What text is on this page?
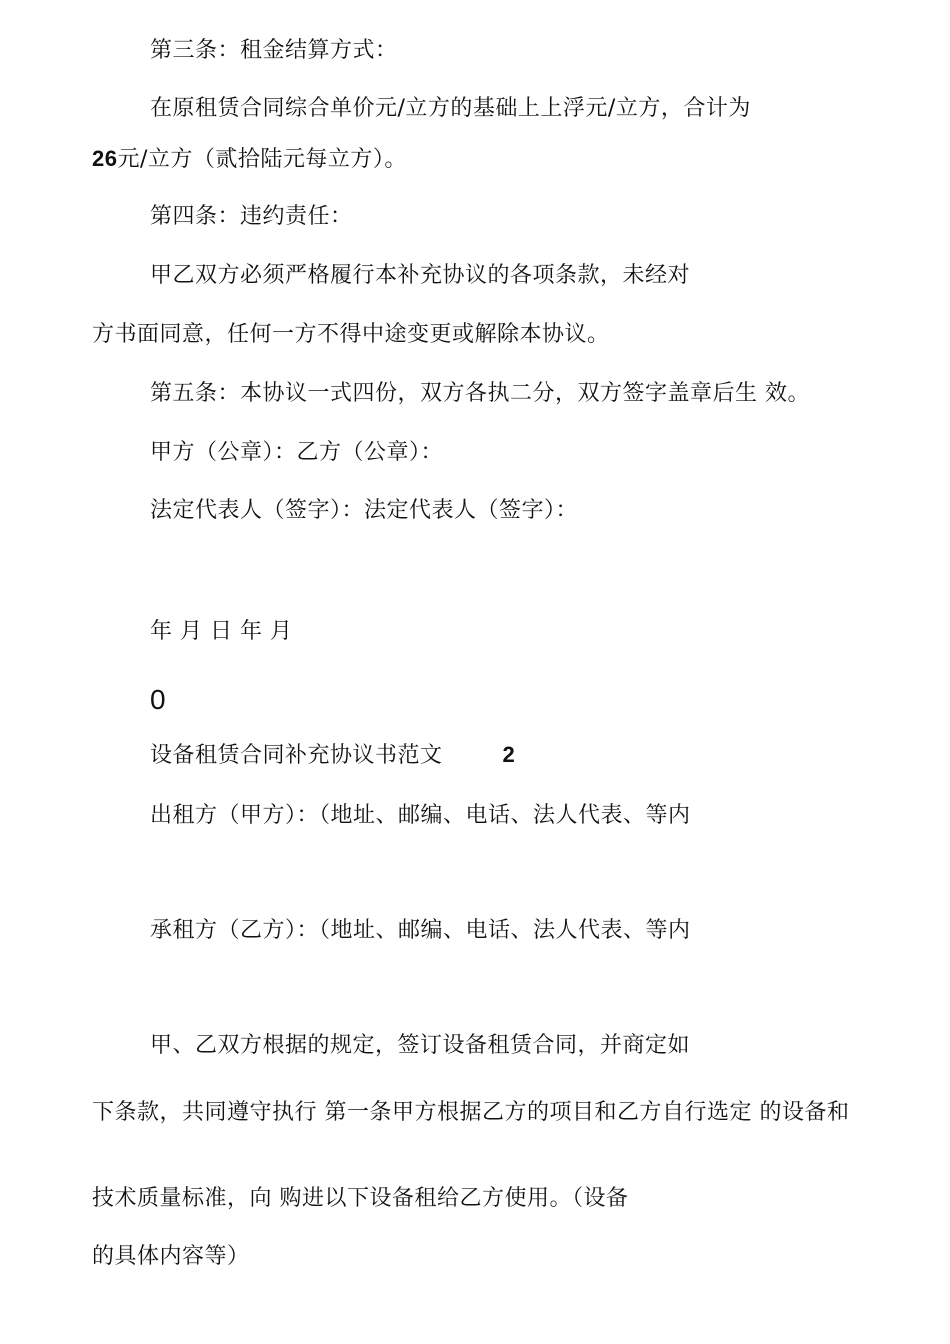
第三条：租金结算方式：
在原租赁合同综合单价元/立方的基础上上浮元/立方，合计为
26元/立方（贰拾陆元每立方）。
第四条：违约责任：
甲乙双方必须严格履行本补充协议的各项条款，未经对
方书面同意，任何一方不得中途变更或解除本协议。
第五条：本协议一式四份，双方各执二分，双方签字盖章后生 效。
甲方（公章）：乙方（公章）：
法定代表人（签字）：法定代表人（签字）：
年 月 日 年 月
0
设备租赁合同补充协议书范文	2
出租方（甲方）：（地址、邮编、电话、法人代表、等内
承租方（乙方）：（地址、邮编、电话、法人代表、等内
甲、乙双方根据的规定，签订设备租赁合同，并商定如
下条款，共同遵守执行 第一条甲方根据乙方的项目和乙方自行选定 的设备和
技术质量标准，向 购进以下设备租给乙方使用。（设备
的具体内容等）
